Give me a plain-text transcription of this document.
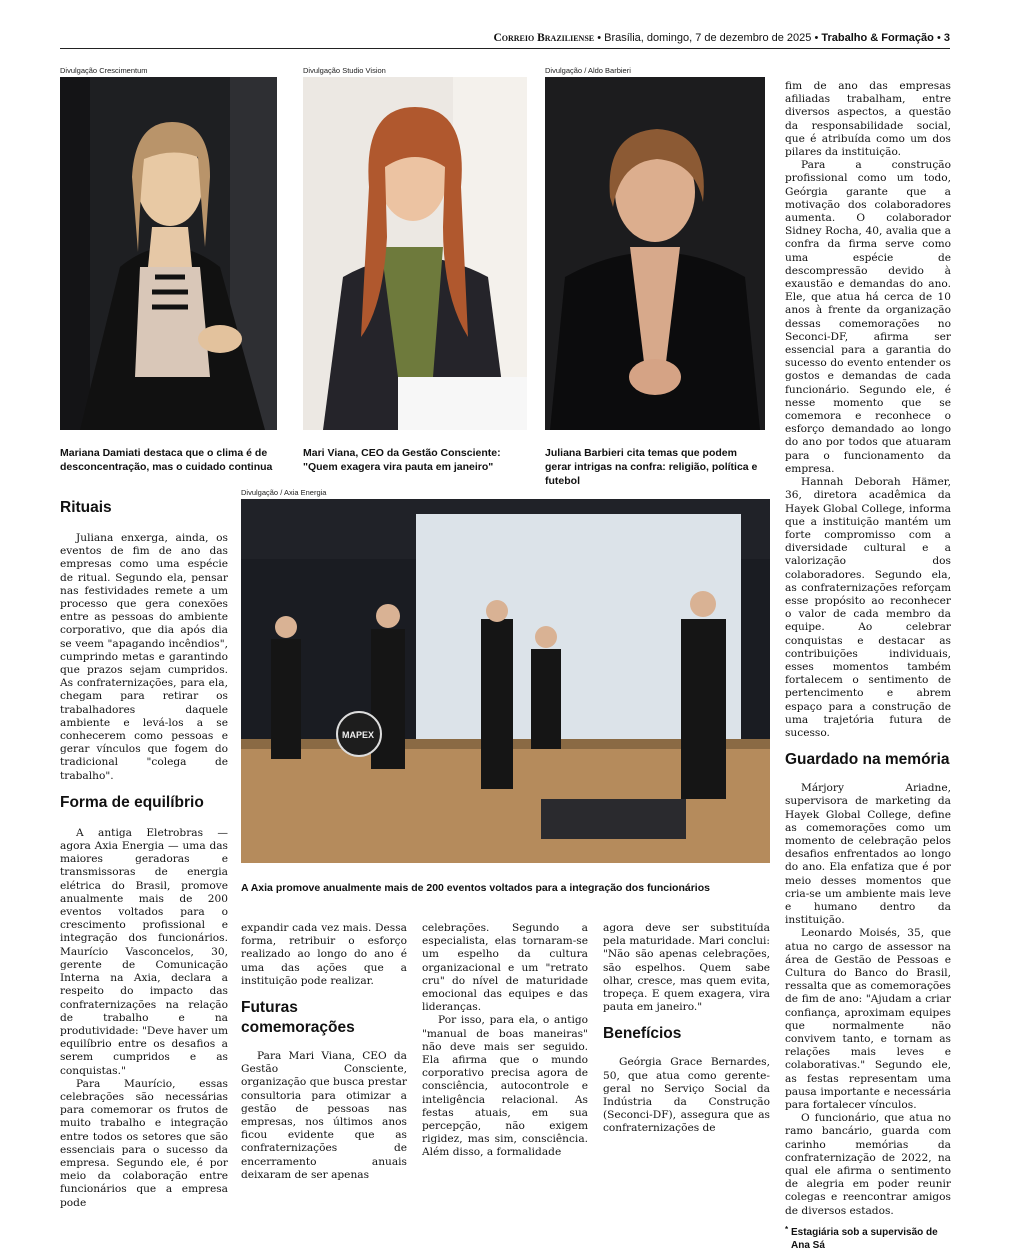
Correio Braziliense • Brasília, domingo, 7 de dezembro de 2025 • Trabalho & Formação • 3
Divulgação Crescimentum
Mariana Damiati destaca que o clima é de desconcentração, mas o cuidado continua
Divulgação Studio Vision
Mari Viana, CEO da Gestão Consciente: "Quem exagera vira pauta em janeiro"
Divulgação / Aldo Barbieri
Juliana Barbieri cita temas que podem gerar intrigas na confra: religião, política e futebol
Rituais

Juliana enxerga, ainda, os eventos de fim de ano das empresas como uma espécie de ritual. Segundo ela, pensar nas festividades remete a um processo que gera conexões entre as pessoas do ambiente corporativo, que dia após dia se veem "apagando incêndios", cumprindo metas e garantindo que prazos sejam cumpridos. As confraternizações, para ela, chegam para retirar os trabalhadores daquele ambiente e levá-los a se conhecerem como pessoas e gerar vínculos que fogem do tradicional "colega de trabalho".

Forma de equilíbrio

A antiga Eletrobras — agora Axia Energia — uma das maiores geradoras e transmissoras de energia elétrica do Brasil, promove anualmente mais de 200 eventos voltados para o crescimento profissional e integração dos funcionários. Maurício Vasconcelos, 30, gerente de Comunicação Interna na Axia, declara a respeito do impacto das confraternizações na relação de trabalho e na produtividade: "Deve haver um equilíbrio entre os desafios a serem cumpridos e as conquistas."

Para Maurício, essas celebrações são necessárias para comemorar os frutos de muito trabalho e integração entre todos os setores que são essenciais para o sucesso da empresa. Segundo ele, é por meio da colaboração entre funcionários que a empresa pode

Divulgação / Axia Energia
MAPEX
A Axia promove anualmente mais de 200 eventos voltados para a integração dos funcionários

expandir cada vez mais. Dessa forma, retribuir o esforço realizado ao longo do ano é uma das ações que a instituição pode realizar.

Futuras comemorações

Para Mari Viana, CEO da Gestão Consciente, organização que busca prestar consultoria para otimizar a gestão de pessoas nas empresas, nos últimos anos ficou evidente que as confraternizações de encerramento anuais deixaram de ser apenas

celebrações. Segundo a especialista, elas tornaram-se um espelho da cultura organizacional e um "retrato cru" do nível de maturidade emocional das equipes e das lideranças.

Por isso, para ela, o antigo "manual de boas maneiras" não deve mais ser seguido. Ela afirma que o mundo corporativo precisa agora de consciência, autocontrole e inteligência relacional. As festas atuais, em sua percepção, não exigem rigidez, mas sim, consciência. Além disso, a formalidade

agora deve ser substituída pela maturidade. Mari conclui: "Não são apenas celebrações, são espelhos. Quem sabe olhar, cresce, mas quem evita, tropeça. E quem exagera, vira pauta em janeiro."

Benefícios

Geórgia Grace Bernardes, 50, que atua como gerente-geral no Serviço Social da Indústria da Construção (Seconci-DF), assegura que as confraternizações de

fim de ano das empresas afiliadas trabalham, entre diversos aspectos, a questão da responsabilidade social, que é atribuída como um dos pilares da instituição.

Para a construção profissional como um todo, Geórgia garante que a motivação dos colaboradores aumenta. O colaborador Sidney Rocha, 40, avalia que a confra da firma serve como uma espécie de descompressão devido à exaustão e demandas do ano. Ele, que atua há cerca de 10 anos à frente da organização dessas comemorações no Seconci-DF, afirma ser essencial para a garantia do sucesso do evento entender os gostos e demandas de cada funcionário. Segundo ele, é nesse momento que se comemora e reconhece o esforço demandado ao longo do ano por todos que atuaram para o funcionamento da empresa.

Hannah Deborah Hämer, 36, diretora acadêmica da Hayek Global College, informa que a instituição mantém um forte compromisso com a diversidade cultural e a valorização dos colaboradores. Segundo ela, as confraternizações reforçam esse propósito ao reconhecer o valor de cada membro da equipe. Ao celebrar conquistas e destacar as contribuições individuais, esses momentos também fortalecem o sentimento de pertencimento e abrem espaço para a construção de uma trajetória futura de sucesso.

Guardado na memória

Márjory Ariadne, supervisora de marketing da Hayek Global College, define as comemorações como um momento de celebração pelos desafios enfrentados ao longo do ano. Ela enfatiza que é por meio desses momentos que cria-se um ambiente mais leve e humano dentro da instituição.

Leonardo Moisés, 35, que atua no cargo de assessor na área de Gestão de Pessoas e Cultura do Banco do Brasil, ressalta que as comemorações de fim de ano: "Ajudam a criar confiança, aproximam equipes que normalmente não convivem tanto, e tornam as relações mais leves e colaborativas." Segundo ele, as festas representam uma pausa importante e necessária para fortalecer vínculos.

O funcionário, que atua no ramo bancário, guarda com carinho memórias da confraternização de 2022, na qual ele afirma o sentimento de alegria em poder reunir colegas e reencontrar amigos de diversos estados.

* Estagiária sob a supervisão de Ana Sá
